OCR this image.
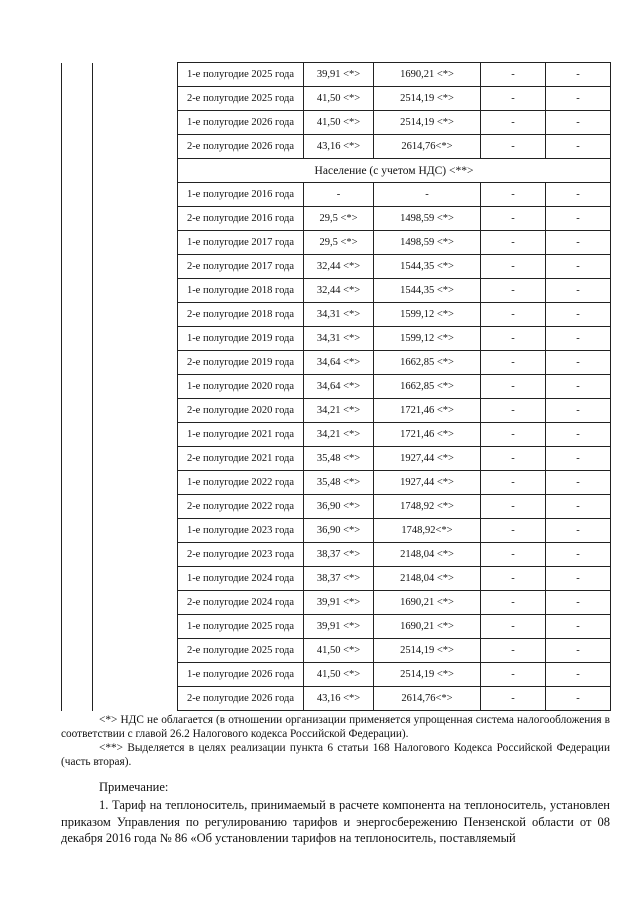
		1-е полугодие 2025 года	39,91 <*>	1690,21 <*>	-	-
		2-е полугодие 2025 года	41,50 <*>	2514,19 <*>	-	-
		1-е полугодие 2026 года	41,50 <*>	2514,19 <*>	-	-
		2-е полугодие 2026 года	43,16 <*>	2614,76<*>	-	-
		Население (с учетом НДС) <**>				
		1-е полугодие 2016 года	-	-	-	-
		2-е полугодие 2016 года	29,5 <*>	1498,59 <*>	-	-
		1-е полугодие 2017 года	29,5 <*>	1498,59 <*>	-	-
		2-е полугодие 2017 года	32,44 <*>	1544,35 <*>	-	-
		1-е полугодие 2018 года	32,44 <*>	1544,35 <*>	-	-
		2-е полугодие 2018 года	34,31 <*>	1599,12 <*>	-	-
		1-е полугодие 2019 года	34,31 <*>	1599,12 <*>	-	-
		2-е полугодие 2019 года	34,64 <*>	1662,85 <*>	-	-
		1-е полугодие 2020 года	34,64 <*>	1662,85 <*>	-	-
		2-е полугодие 2020 года	34,21 <*>	1721,46 <*>	-	-
		1-е полугодие 2021 года	34,21 <*>	1721,46 <*>	-	-
		2-е полугодие 2021 года	35,48 <*>	1927,44 <*>	-	-
		1-е полугодие 2022 года	35,48 <*>	1927,44 <*>	-	-
		2-е полугодие 2022 года	36,90 <*>	1748,92 <*>	-	-
		1-е полугодие 2023 года	36,90 <*>	1748,92<*>	-	-
		2-е полугодие 2023 года	38,37 <*>	2148,04 <*>	-	-
		1-е полугодие 2024 года	38,37 <*>	2148,04 <*>	-	-
		2-е полугодие 2024 года	39,91 <*>	1690,21 <*>	-	-
		1-е полугодие 2025 года	39,91 <*>	1690,21 <*>	-	-
		2-е полугодие 2025 года	41,50 <*>	2514,19 <*>	-	-
		1-е полугодие 2026 года	41,50 <*>	2514,19 <*>	-	-
		2-е полугодие 2026 года	43,16 <*>	2614,76<*>	-	-

<*> НДС не облагается (в отношении организации применяется упрощенная система налогообложения в соответствии с главой 26.2 Налогового кодекса Российской Федерации).

<**> Выделяется в целях реализации пункта 6 статьи 168 Налогового Кодекса Российской Федерации (часть вторая).

Примечание:

1. Тариф на теплоноситель, принимаемый в расчете компонента на теплоноситель, установлен приказом Управления по регулированию тарифов и энергосбережению Пензенской области от 08 декабря 2016 года № 86 «Об установлении тарифов на теплоноситель, поставляемый
